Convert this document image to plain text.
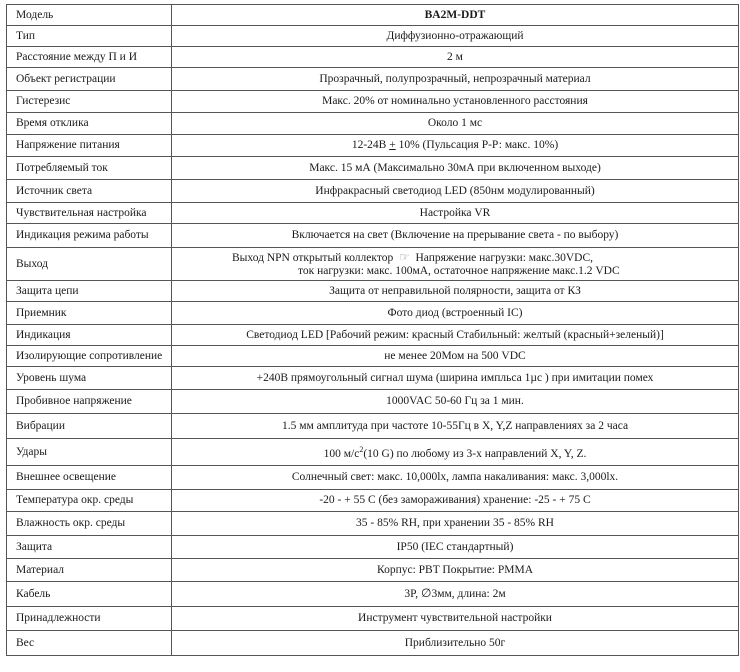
Модель	BA2M-DDT
Тип	Диффузионно-отражающий
Расстояние между П и И	2 м
Объект регистрации	Прозрачный, полупрозрачный, непрозрачный материал
Гистерезис	Макс. 20% от номинально установленного расстояния
Время отклика	Около 1 мс
Напряжение питания	12-24В + 10% (Пульсация Р-Р: макс. 10%)
Потребляемый ток	Макс. 15 мА (Максимально 30мА при включенном выходе)
Источник света	Инфракрасный светодиод LED (850нм модулированный)
Чувствительная настройка	Настройка VR
Индикация режима работы	Включается на свет (Включение на прерывание света - по выбору)
Выход	Выход NPN открытый коллектор ☞ Напряжение нагрузки: макс.30VDC,
ток нагрузки: макс. 100мА, остаточное напряжение макс.1.2 VDC

Защита цепи	Защита от неправильной полярности, защита от КЗ
Приемник	Фото диод (встроенный IC)
Индикация	Светодиод LED [Рабочий режим: красный Стабильный: желтый (красный+зеленый)]
Изолирующие сопротивление	не менее 20Мом на 500 VDC
Уровень шума	+240В прямоугольный сигнал шума (ширина импльса 1µс ) при имитации помех
Пробивное напряжение	1000VAC 50-60 Гц за 1 мин.
Вибрации	1.5 мм амплитуда при частоте 10-55Гц в X, Y,Z направлениях за 2 часа
Удары	100 $м/с^2(10$ G) по любому из 3-х направлений X, Y, Z.
Внешнее освещение	Солнечный свет: макс. 10,000lx, лампа накаливания: макс. 3,000lx.
Температура окр. среды	-20 - + 55 С (без замораживания) хранение: -25 - + 75 С
Влажность окр. среды	35 - 85% RH, при хранении 35 - 85% RH
Защита	IP50 (IEC стандартный)
Материал	Корпус: PBT Покрытие: PMMA
Кабель	3P, ∅3мм, длина: 2м
Принадлежности	Инструмент чувствительной настройки
Вес	Приблизительно 50г
